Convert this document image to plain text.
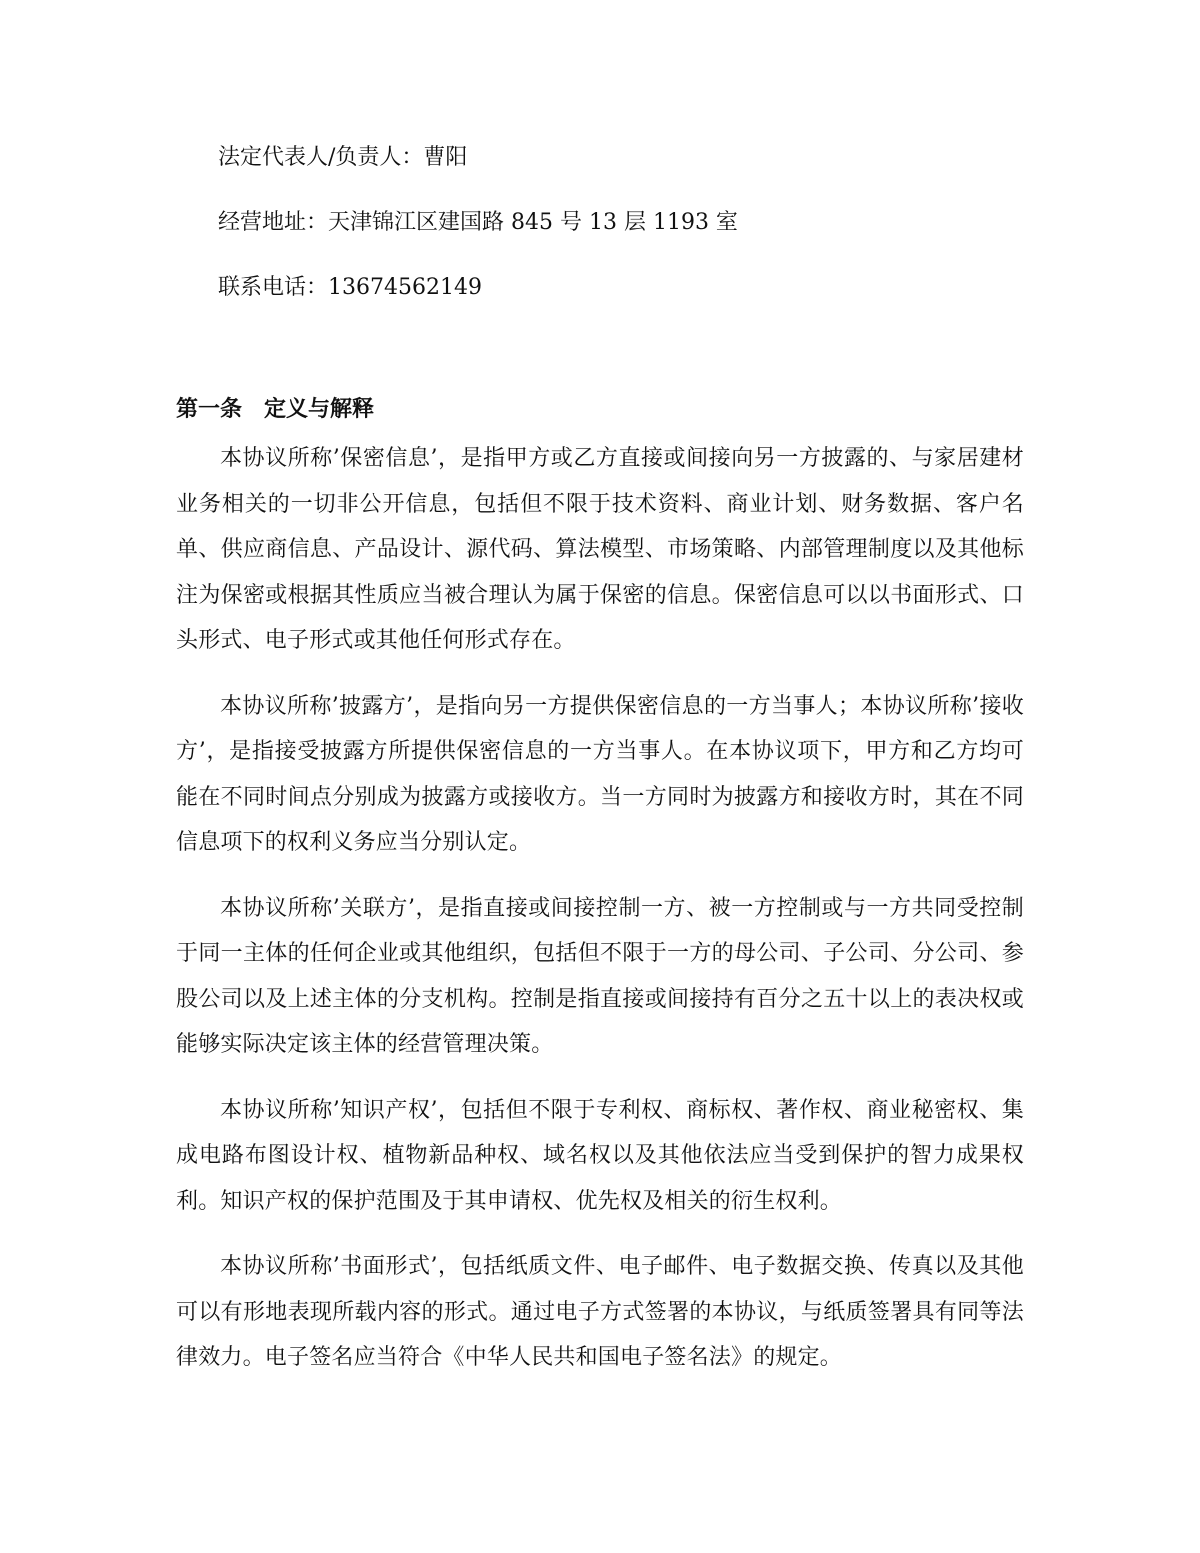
法定代表人/负责人：曹阳

经营地址：天津锦江区建国路 845 号 13 层 1193 室

联系电话：13674562149

第一条 定义与解释

本协议所称’保密信息’，是指甲方或乙方直接或间接向另一方披露的、与家居建材业务相关的一切非公开信息，包括但不限于技术资料、商业计划、财务数据、客户名单、供应商信息、产品设计、源代码、算法模型、市场策略、内部管理制度以及其他标注为保密或根据其性质应当被合理认为属于保密的信息。保密信息可以以书面形式、口头形式、电子形式或其他任何形式存在。

本协议所称’披露方’，是指向另一方提供保密信息的一方当事人；本协议所称’接收方’，是指接受披露方所提供保密信息的一方当事人。在本协议项下，甲方和乙方均可能在不同时间点分别成为披露方或接收方。当一方同时为披露方和接收方时，其在不同信息项下的权利义务应当分别认定。

本协议所称’关联方’，是指直接或间接控制一方、被一方控制或与一方共同受控制于同一主体的任何企业或其他组织，包括但不限于一方的母公司、子公司、分公司、参股公司以及上述主体的分支机构。控制是指直接或间接持有百分之五十以上的表决权或能够实际决定该主体的经营管理决策。

本协议所称’知识产权’，包括但不限于专利权、商标权、著作权、商业秘密权、集成电路布图设计权、植物新品种权、域名权以及其他依法应当受到保护的智力成果权利。知识产权的保护范围及于其申请权、优先权及相关的衍生权利。

本协议所称’书面形式’，包括纸质文件、电子邮件、电子数据交换、传真以及其他可以有形地表现所载内容的形式。通过电子方式签署的本协议，与纸质签署具有同等法律效力。电子签名应当符合《中华人民共和国电子签名法》的规定。
